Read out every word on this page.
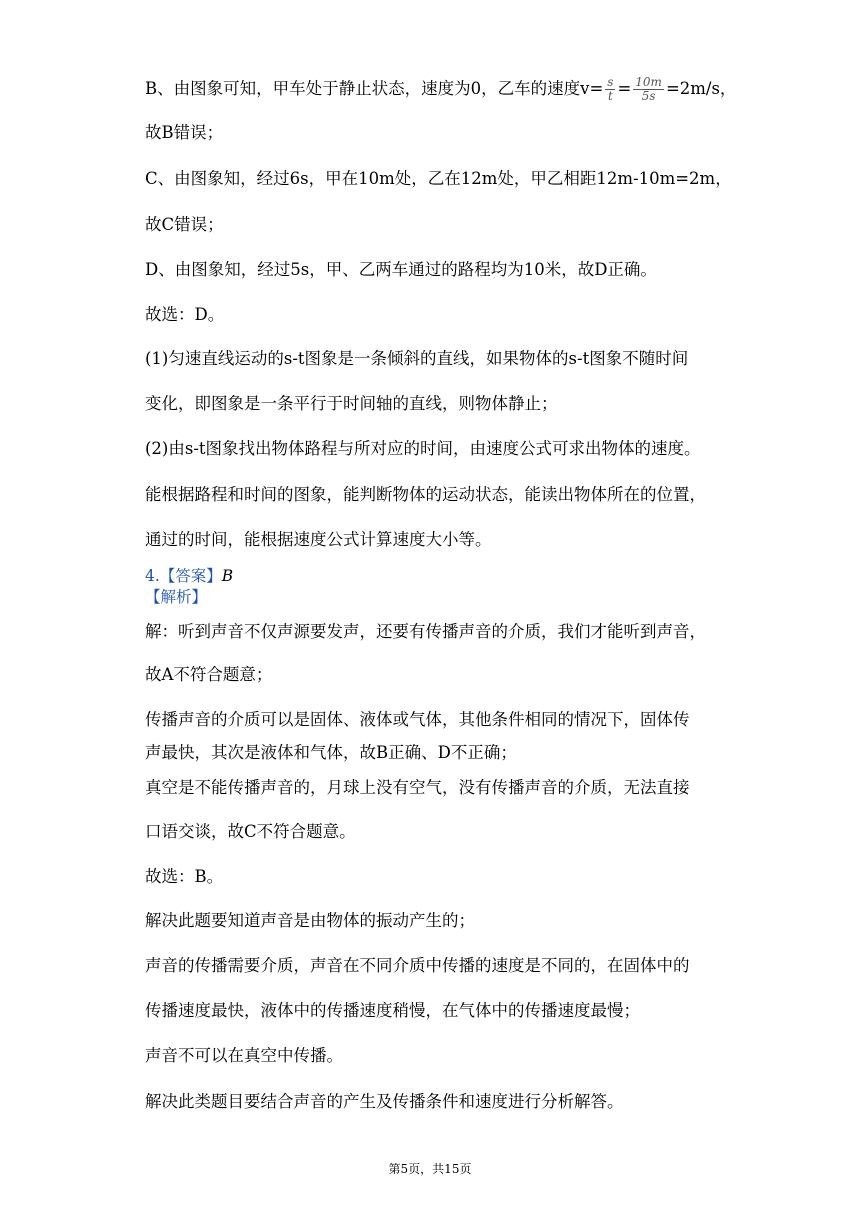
B、由图象可知，甲车处于静止状态，速度为0，乙车的速度$v= \frac{s}{t} = \frac{10m}{5s} =2m/s$，
故B错误；
C、由图象知，经过6s，甲在10m处，乙在12m处，甲乙相距12m-10m=2m，
故C错误；
D、由图象知，经过5s，甲、乙两车通过的路程均为10米，故D正确。
故选：D。
(1)匀速直线运动的s-t图象是一条倾斜的直线，如果物体的s-t图象不随时间
变化，即图象是一条平行于时间轴的直线，则物体静止；
(2)由s-t图象找出物体路程与所对应的时间，由速度公式可求出物体的速度。
能根据路程和时间的图象，能判断物体的运动状态，能读出物体所在的位置，
通过的时间，能根据速度公式计算速度大小等。
4.【答案】B
【解析】
解：听到声音不仅声源要发声，还要有传播声音的介质，我们才能听到声音，
故A不符合题意；
传播声音的介质可以是固体、液体或气体，其他条件相同的情况下，固体传
声最快，其次是液体和气体，故B正确、D不正确；
真空是不能传播声音的，月球上没有空气，没有传播声音的介质，无法直接
口语交谈，故C不符合题意。
故选：B。
解决此题要知道声音是由物体的振动产生的；
声音的传播需要介质，声音在不同介质中传播的速度是不同的，在固体中的
传播速度最快，液体中的传播速度稍慢，在气体中的传播速度最慢；
声音不可以在真空中传播。
解决此类题目要结合声音的产生及传播条件和速度进行分析解答。
第5页，共15页
